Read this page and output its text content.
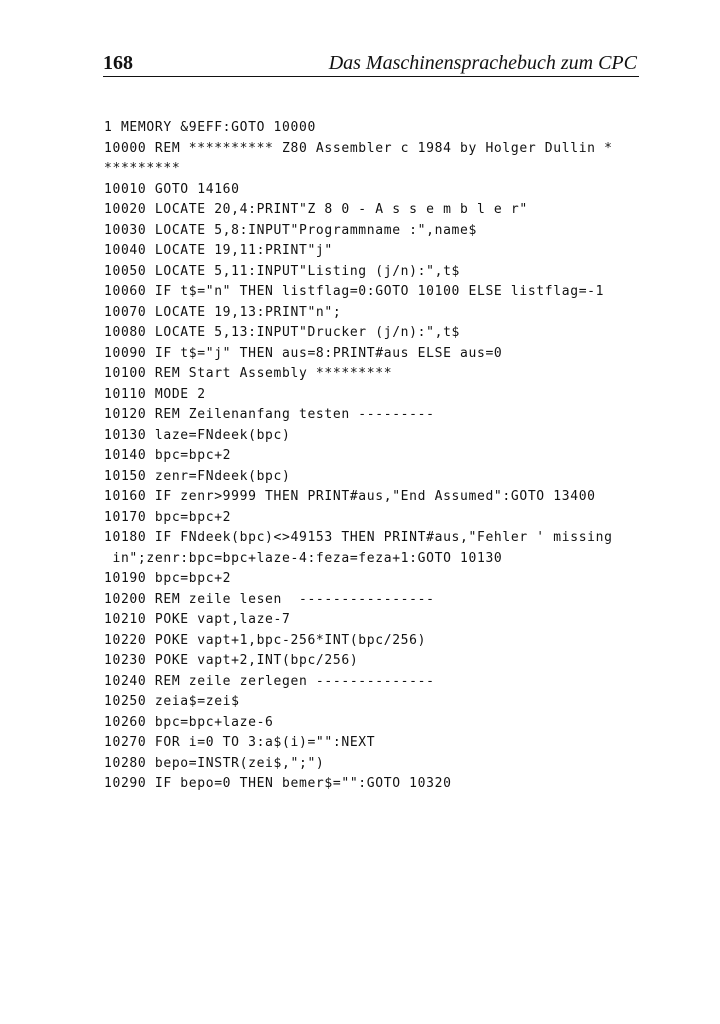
168	Das Maschinensprachebuch zum CPC
1 MEMORY &9EFF:GOTO 10000
10000 REM ********** Z80 Assembler c 1984 by Holger Dullin *
*********
10010 GOTO 14160
10020 LOCATE 20,4:PRINT"Z 8 0 - A s s e m b l e r"
10030 LOCATE 5,8:INPUT"Programmname :",name$
10040 LOCATE 19,11:PRINT"j"
10050 LOCATE 5,11:INPUT"Listing (j/n):",t$
10060 IF t$="n" THEN listflag=0:GOTO 10100 ELSE listflag=-1
10070 LOCATE 19,13:PRINT"n";
10080 LOCATE 5,13:INPUT"Drucker (j/n):",t$
10090 IF t$="j" THEN aus=8:PRINT#aus ELSE aus=0
10100 REM Start Assembly *********
10110 MODE 2
10120 REM Zeilenanfang testen ---------
10130 laze=FNdeek(bpc)
10140 bpc=bpc+2
10150 zenr=FNdeek(bpc)
10160 IF zenr>9999 THEN PRINT#aus,"End Assumed":GOTO 13400
10170 bpc=bpc+2
10180 IF FNdeek(bpc)<>49153 THEN PRINT#aus,"Fehler ' missing
in";zenr:bpc=bpc+laze-4:feza=feza+1:GOTO 10130
10190 bpc=bpc+2
10200 REM zeile lesen  ----------------
10210 POKE vapt,laze-7
10220 POKE vapt+1,bpc-256*INT(bpc/256)
10230 POKE vapt+2,INT(bpc/256)
10240 REM zeile zerlegen --------------
10250 zeia$=zei$
10260 bpc=bpc+laze-6
10270 FOR i=0 TO 3:a$(i)="":NEXT
10280 bepo=INSTR(zei$,";")
10290 IF bepo=0 THEN bemer$="":GOTO 10320
